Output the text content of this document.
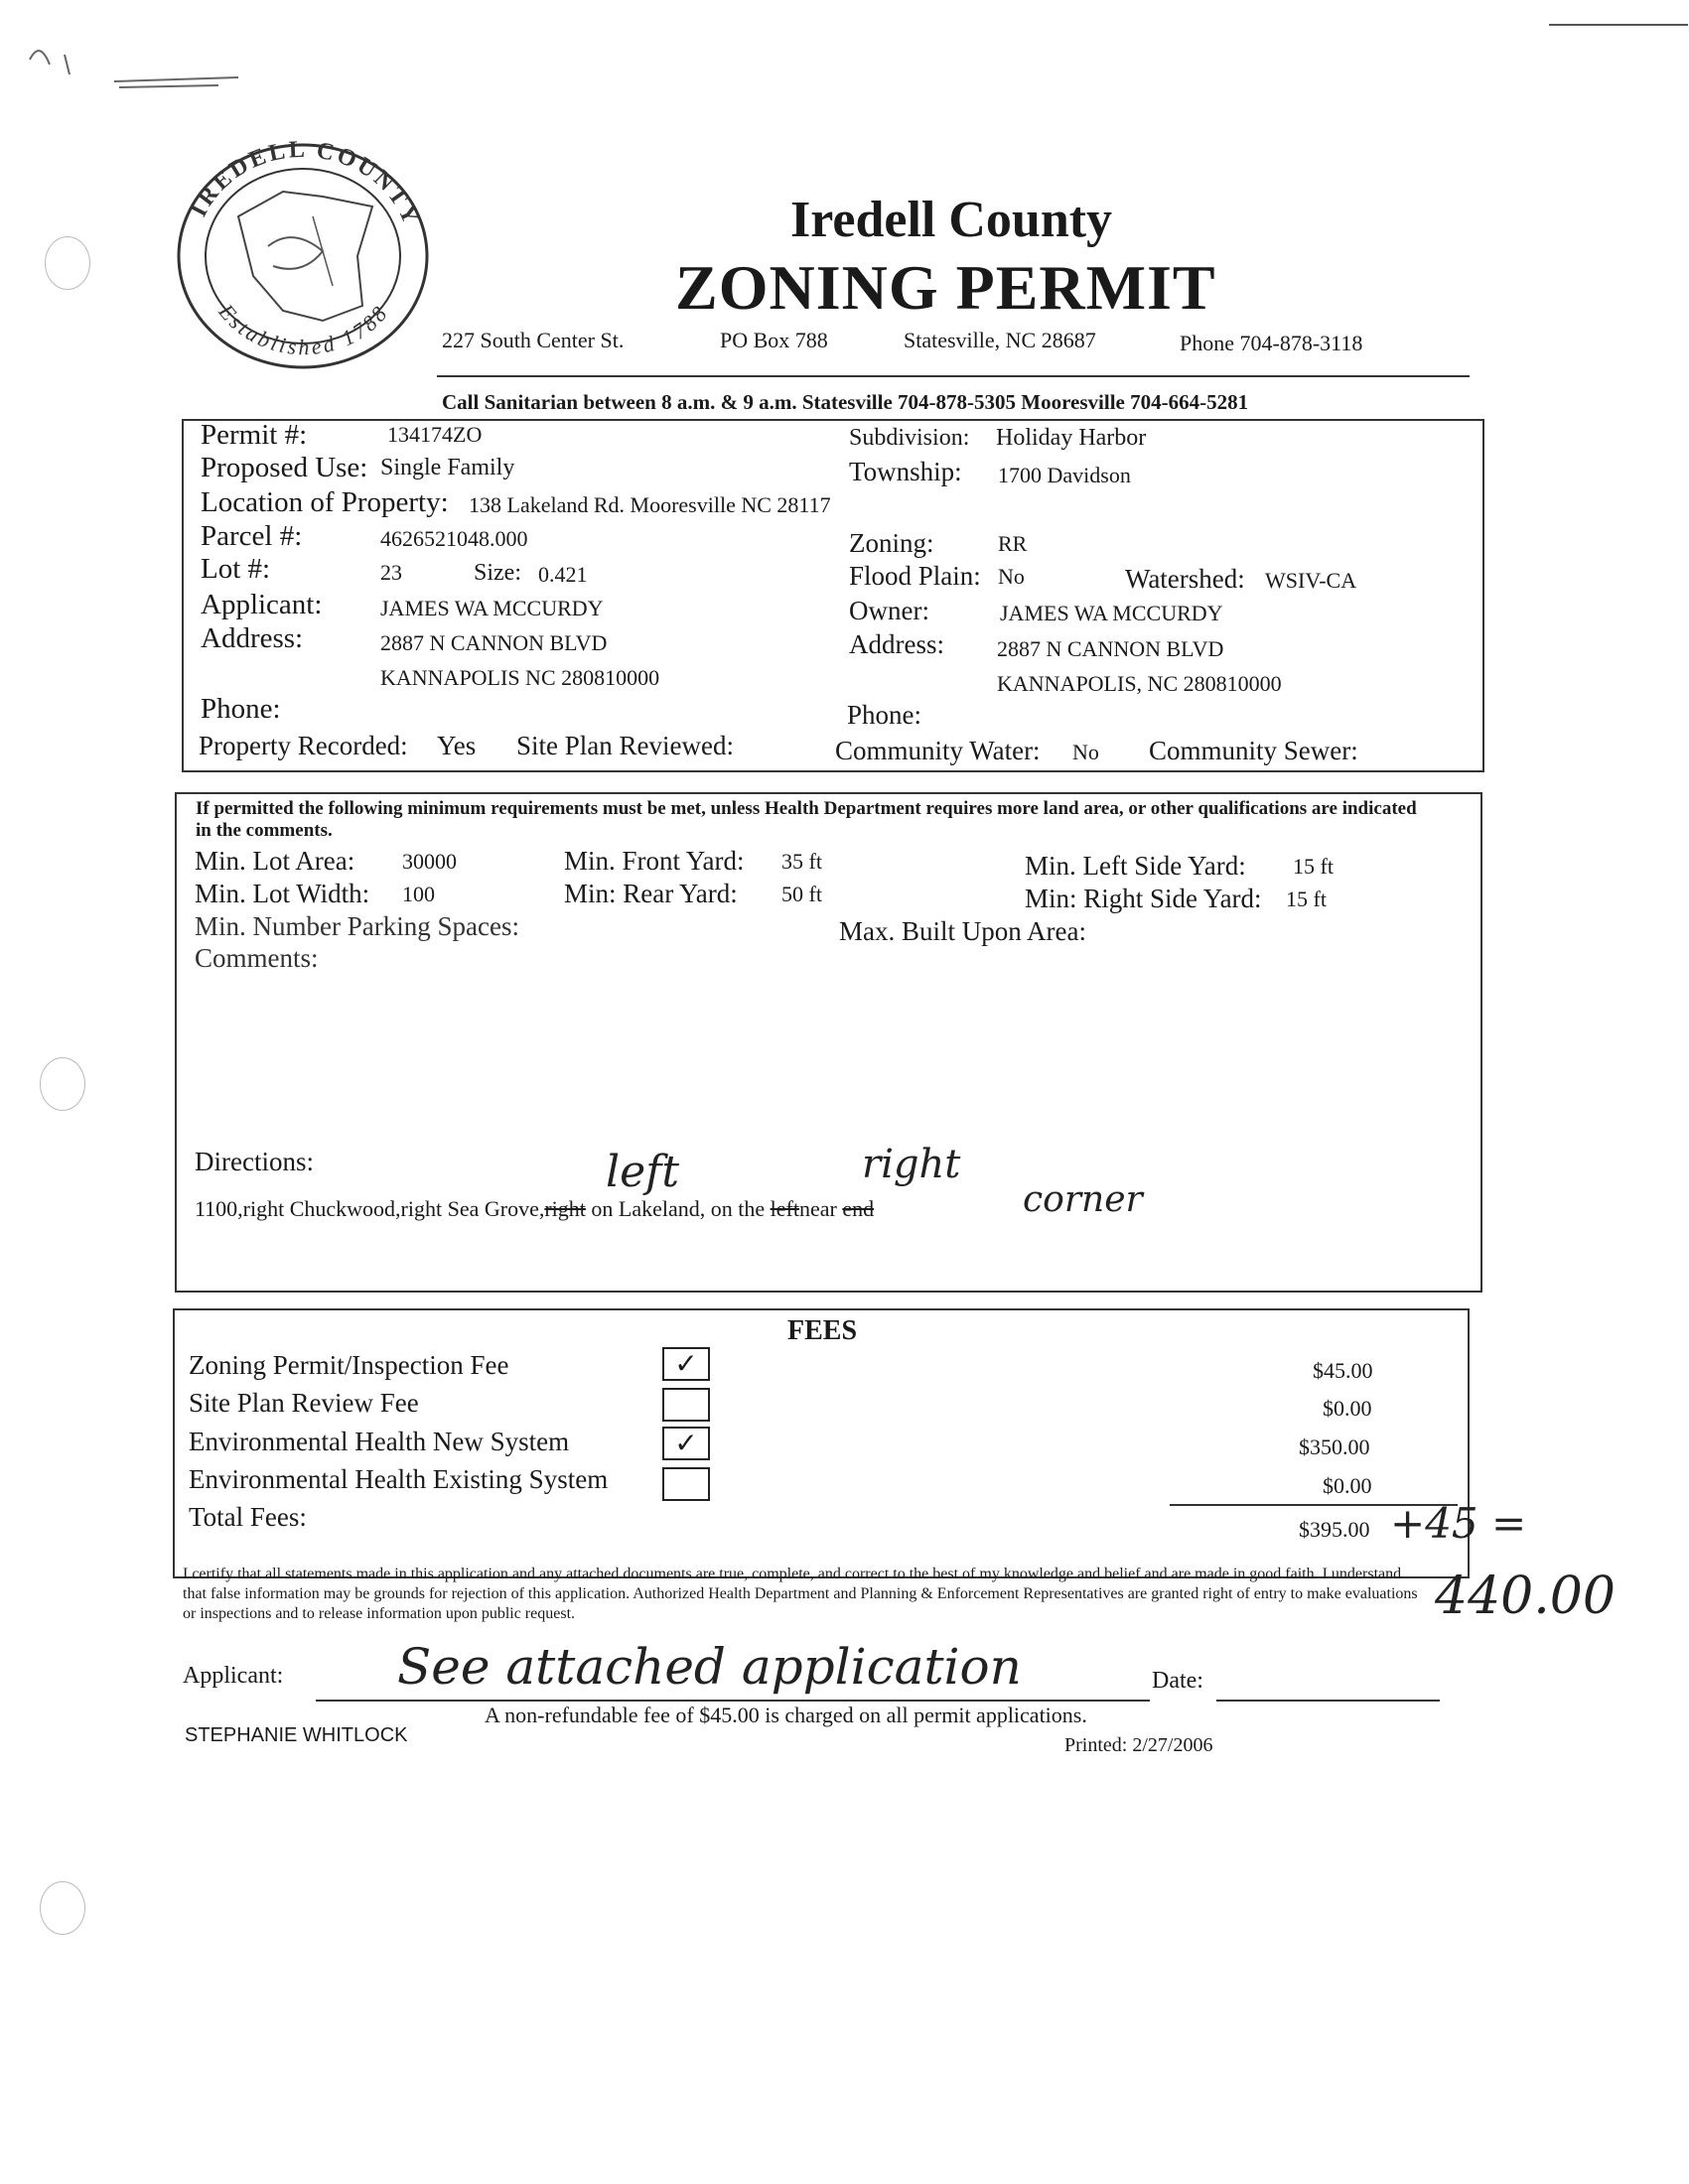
IREDELL COUNTY
Established 1788
Iredell County
ZONING PERMIT
227 South Center St.	PO Box 788	Statesville, NC 28687	Phone 704-878-3118
Call Sanitarian between 8 a.m. & 9 a.m. Statesville 704-878-5305 Mooresville 704-664-5281
Permit #:	134174ZO	Subdivision: Holiday Harbor
Proposed Use: Single Family	Township: 1700 Davidson
Location of Property: 138 Lakeland Rd. Mooresville NC 28117
Parcel #:	4626521048.000	Zoning:	RR
Lot #:	23	Size: 0.421	Flood Plain: No	Watershed: WSIV-CA
Applicant:	JAMES WA MCCURDY	Owner:	JAMES WA MCCURDY
Address:	2887 N CANNON BLVD	Address: 2887 N CANNON BLVD
KANNAPOLIS NC 280810000	KANNAPOLIS, NC 280810000
Phone:	Phone:
Property Recorded: Yes Site Plan Reviewed:	Community Water: No Community Sewer:
If permitted the following minimum requirements must be met, unless Health Department requires more land area, or other qualifications are indicated in the comments.
Min. Lot Area: 30000	Min. Front Yard: 35 ft	Min. Left Side Yard: 15 ft
Min. Lot Width: 100	Min: Rear Yard: 50 ft	Min: Right Side Yard: 15 ft
Min. Number Parking Spaces:	Max. Built Upon Area:
Comments:
Directions:
1100,right Chuckwood,right Sea Grove,right on Lakeland, on the leftnear end
left	right
corner
FEES
Zoning Permit/Inspection Fee	✓	$45.00
Site Plan Review Fee	$0.00
Environmental Health New System	✓	$350.00
Environmental Health Existing System	$0.00
Total Fees:	$395.00 +45 =
440.00
I certify that all statements made in this application and any attached documents are true, complete, and correct to the best of my knowledge and belief and are made in good faith. I understand that false information may be grounds for rejection of this application. Authorized Health Department and Planning & Enforcement Representatives are granted right of entry to make evaluations or inspections and to release information upon public request.
Applicant: See attached application	Date:
A non-refundable fee of $45.00 is charged on all permit applications.
STEPHANIE WHITLOCK	Printed: 2/27/2006
